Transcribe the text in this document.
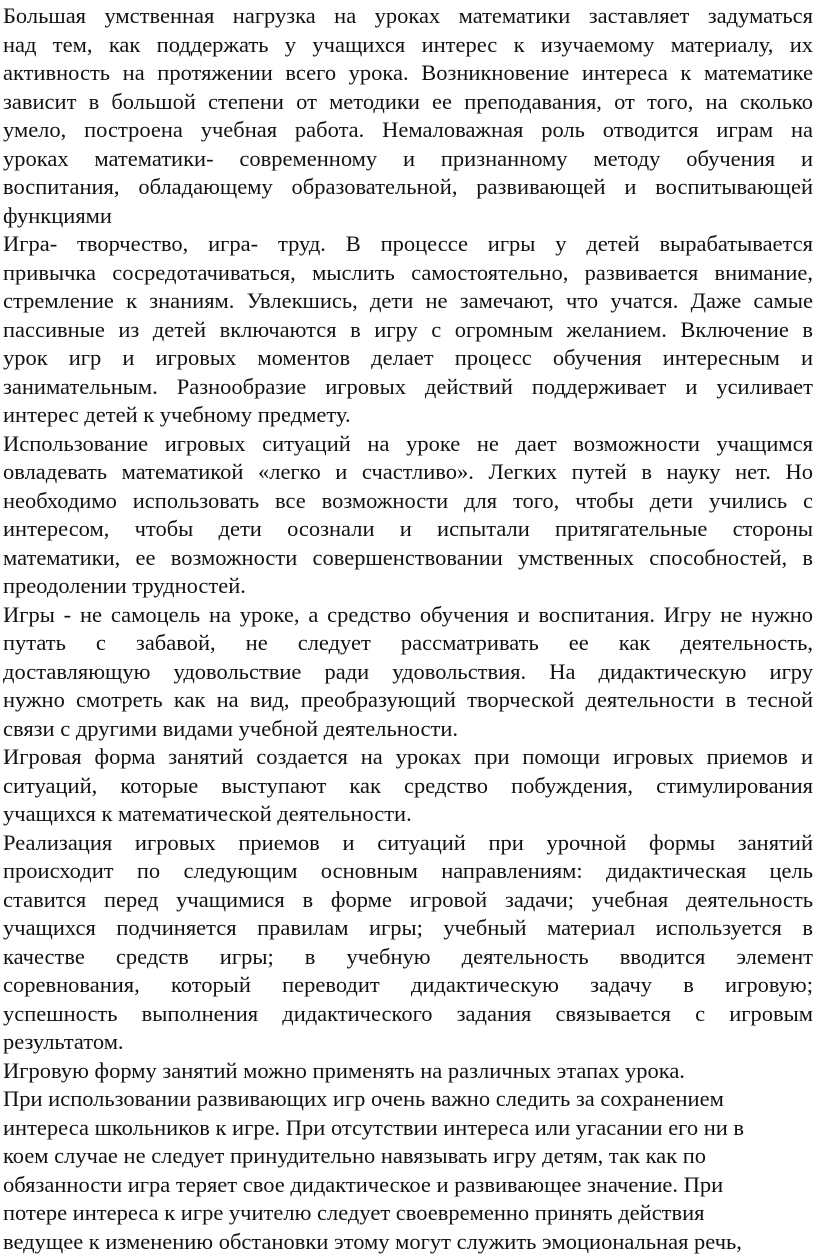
Большая умственная нагрузка на уроках математики заставляет задуматься

над тем, как поддержать у учащихся интерес к изучаемому материалу, их

активность на протяжении всего урока. Возникновение интереса к математике

зависит в большой степени от методики ее преподавания, от того, на сколько

умело, построена учебная работа. Немаловажная роль отводится играм на

уроках математики- современному и признанному методу обучения и

воспитания, обладающему образовательной, развивающей и воспитывающей

функциями

Игра- творчество, игра- труд. В процессе игры у детей вырабатывается

привычка сосредотачиваться, мыслить самостоятельно, развивается внимание,

стремление к знаниям. Увлекшись, дети не замечают, что учатся. Даже самые

пассивные из детей включаются в игру с огромным желанием. Включение в

урок игр и игровых моментов делает процесс обучения интересным и

занимательным. Разнообразие игровых действий поддерживает и усиливает

интерес детей к учебному предмету.

Использование игровых ситуаций на уроке не дает возможности учащимся

овладевать математикой «легко и счастливо». Легких путей в науку нет. Но

необходимо использовать все возможности для того, чтобы дети учились с

интересом, чтобы дети осознали и испытали притягательные стороны

математики, ее возможности совершенствовании умственных способностей, в

преодолении трудностей.

Игры - не самоцель на уроке, а средство обучения и воспитания. Игру не нужно

путать с забавой, не следует рассматривать ее как деятельность,

доставляющую удовольствие ради удовольствия. На дидактическую игру

нужно смотреть как на вид, преобразующий творческой деятельности в тесной

связи с другими видами учебной деятельности.

Игровая форма занятий создается на уроках при помощи игровых приемов и

ситуаций, которые выступают как средство побуждения, стимулирования

учащихся к математической деятельности.

Реализация игровых приемов и ситуаций при урочной формы занятий

происходит по следующим основным направлениям: дидактическая цель

ставится перед учащимися в форме игровой задачи; учебная деятельность

учащихся подчиняется правилам игры; учебный материал используется в

качестве средств игры; в учебную деятельность вводится элемент

соревнования, который переводит дидактическую задачу в игровую;

успешность выполнения дидактического задания связывается с игровым

результатом.

Игровую форму занятий можно применять на различных этапах урока.

При использовании развивающих игр очень важно следить за сохранением

интереса школьников к игре. При отсутствии интереса или угасании его ни в

коем случае не следует принудительно навязывать игру детям, так как по

обязанности игра теряет свое дидактическое и развивающее значение. При

потере интереса к игре учителю следует своевременно принять действия

ведущее к изменению обстановки этому могут служить эмоциональная речь,
